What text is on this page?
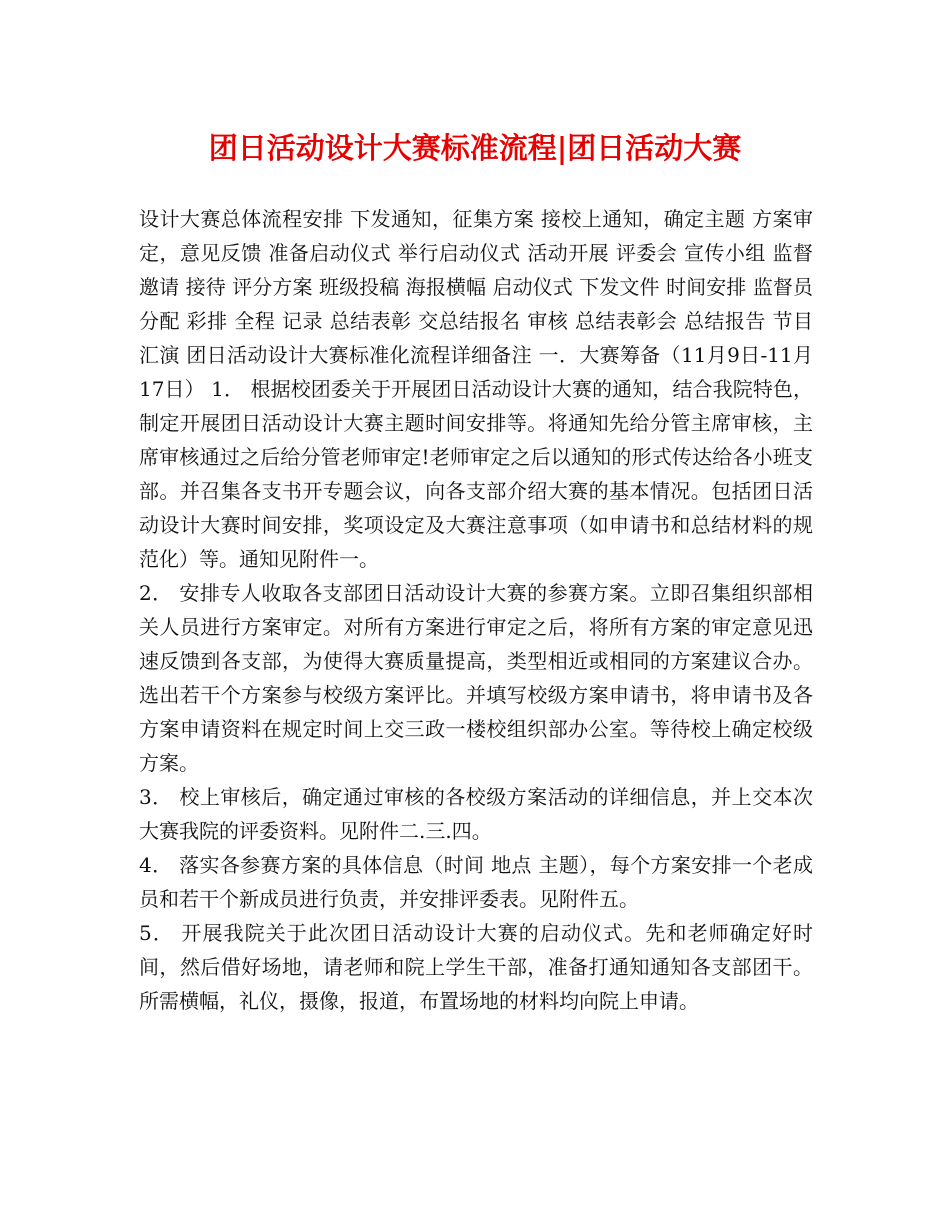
团日活动设计大赛标准流程|团日活动大赛

设计大赛总体流程安排 下发通知，征集方案 接校上通知，确定主题 方案审定，意见反馈 准备启动仪式 举行启动仪式 活动开展 评委会 宣传小组 监督 邀请 接待 评分方案 班级投稿 海报横幅 启动仪式 下发文件 时间安排 监督员分配 彩排 全程 记录 总结表彰 交总结报名 审核 总结表彰会 总结报告 节目汇演 团日活动设计大赛标准化流程详细备注 一．大赛筹备（11月9日-11月17日） 1． 根据校团委关于开展团日活动设计大赛的通知，结合我院特色，制定开展团日活动设计大赛主题时间安排等。将通知先给分管主席审核，主席审核通过之后给分管老师审定!老师审定之后以通知的形式传达给各小班支部。并召集各支书开专题会议，向各支部介绍大赛的基本情况。包括团日活动设计大赛时间安排，奖项设定及大赛注意事项（如申请书和总结材料的规范化）等。通知见附件一。

2． 安排专人收取各支部团日活动设计大赛的参赛方案。立即召集组织部相关人员进行方案审定。对所有方案进行审定之后，将所有方案的审定意见迅速反馈到各支部，为使得大赛质量提高，类型相近或相同的方案建议合办。选出若干个方案参与校级方案评比。并填写校级方案申请书，将申请书及各方案申请资料在规定时间上交三政一楼校组织部办公室。等待校上确定校级方案。

3． 校上审核后，确定通过审核的各校级方案活动的详细信息，并上交本次大赛我院的评委资料。见附件二.三.四。

4． 落实各参赛方案的具体信息（时间 地点 主题），每个方案安排一个老成员和若干个新成员进行负责，并安排评委表。见附件五。

5． 开展我院关于此次团日活动设计大赛的启动仪式。先和老师确定好时间，然后借好场地，请老师和院上学生干部，准备打通知通知各支部团干。所需横幅，礼仪，摄像，报道，布置场地的材料均向院上申请。
